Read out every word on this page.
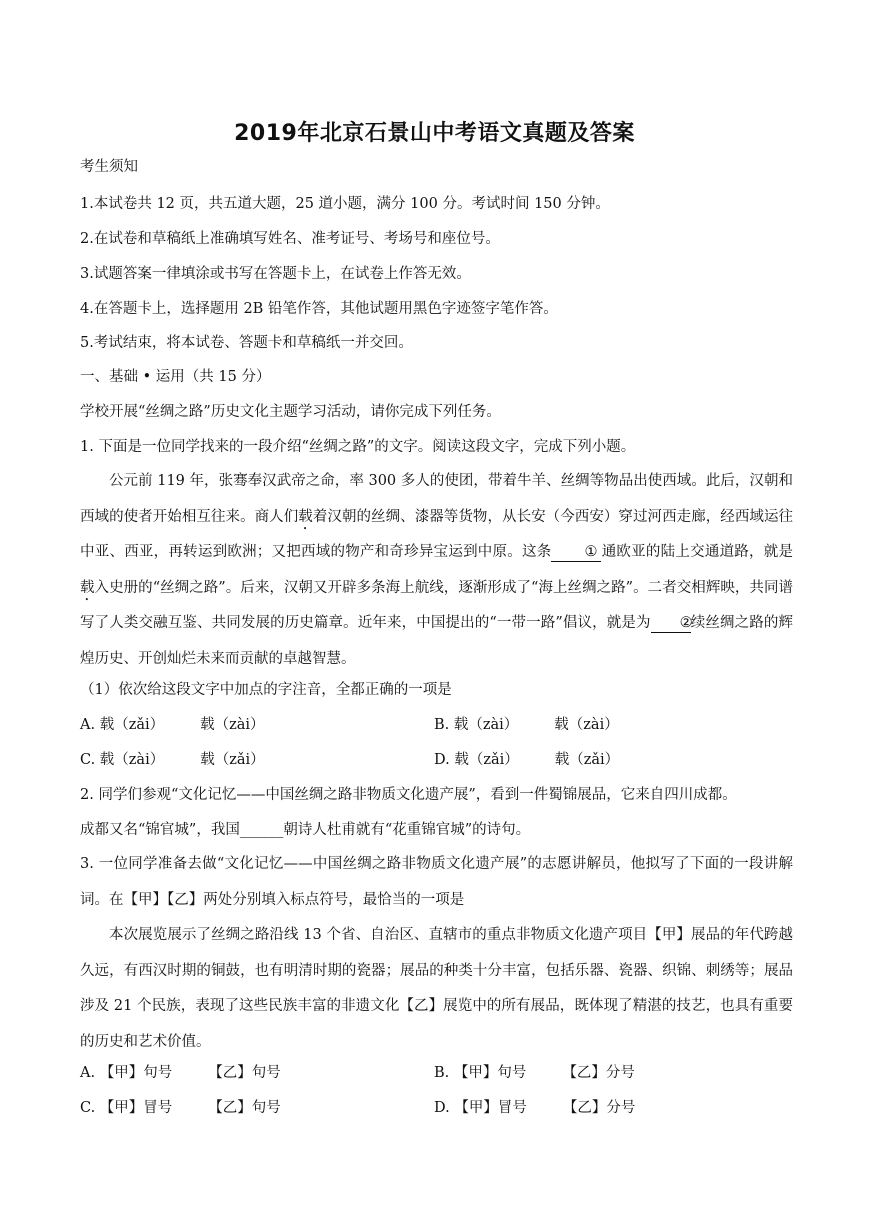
2019年北京石景山中考语文真题及答案
考生须知
1.本试卷共 12 页，共五道大题，25 道小题，满分 100 分。考试时间 150 分钟。
2.在试卷和草稿纸上准确填写姓名、准考证号、考场号和座位号。
3.试题答案一律填涂或书写在答题卡上，在试卷上作答无效。
4.在答题卡上，选择题用 2B 铅笔作答，其他试题用黑色字迹签字笔作答。
5.考试结束，将本试卷、答题卡和草稿纸一并交回。
一、基础 • 运用（共 15 分）
学校开展“丝绸之路”历史文化主题学习活动，请你完成下列任务。
1. 下面是一位同学找来的一段介绍“丝绸之路”的文字。阅读这段文字，完成下列小题。
公元前 119 年，张骞奉汉武帝之命，率 300 多人的使团，带着牛羊、丝绸等物品出使西域。此后，汉朝和西域的使者开始相互往来。商人们载着汉朝的丝绸、漆器等货物，从长安（今西安）穿过河西走廊，经西域运往中亚、西亚，再转运到欧洲；又把西域的物产和奇珍异宝运到中原。这条 ① 通欧亚的陆上交通道路，就是载入史册的“丝绸之路”。后来，汉朝又开辟多条海上航线，逐渐形成了“海上丝绸之路”。二者交相辉映，共同谱写了人类交融互鉴、共同发展的历史篇章。近年来，中国提出的“一带一路”倡议，就是为 ②续丝绸之路的辉煌历史、开创灿烂未来而贡献的卓越智慧。
（1）依次给这段文字中加点的字注音，全都正确的一项是
A. 载（zǎi） 载（zài）	B. 载（zài） 载（zài）
C. 载（zài） 载（zǎi）	D. 载（zǎi） 载（zǎi）
2. 同学们参观“文化记忆——中国丝绸之路非物质文化遗产展”，看到一件蜀锦展品，它来自四川成都。
成都又名“锦官城”，我国______朝诗人杜甫就有“花重锦官城”的诗句。
3. 一位同学准备去做“文化记忆——中国丝绸之路非物质文化遗产展”的志愿讲解员，他拟写了下面的一段讲解词。在【甲】【乙】两处分别填入标点符号，最恰当的一项是
本次展览展示了丝绸之路沿线 13 个省、自治区、直辖市的重点非物质文化遗产项目【甲】展品的年代跨越久远，有西汉时期的铜鼓，也有明清时期的瓷器；展品的种类十分丰富，包括乐器、瓷器、织锦、刺绣等；展品涉及 21 个民族，表现了这些民族丰富的非遗文化【乙】展览中的所有展品，既体现了精湛的技艺，也具有重要的历史和艺术价值。
A. 【甲】句号 【乙】句号	B. 【甲】句号 【乙】分号
C. 【甲】冒号 【乙】句号	D. 【甲】冒号 【乙】分号
